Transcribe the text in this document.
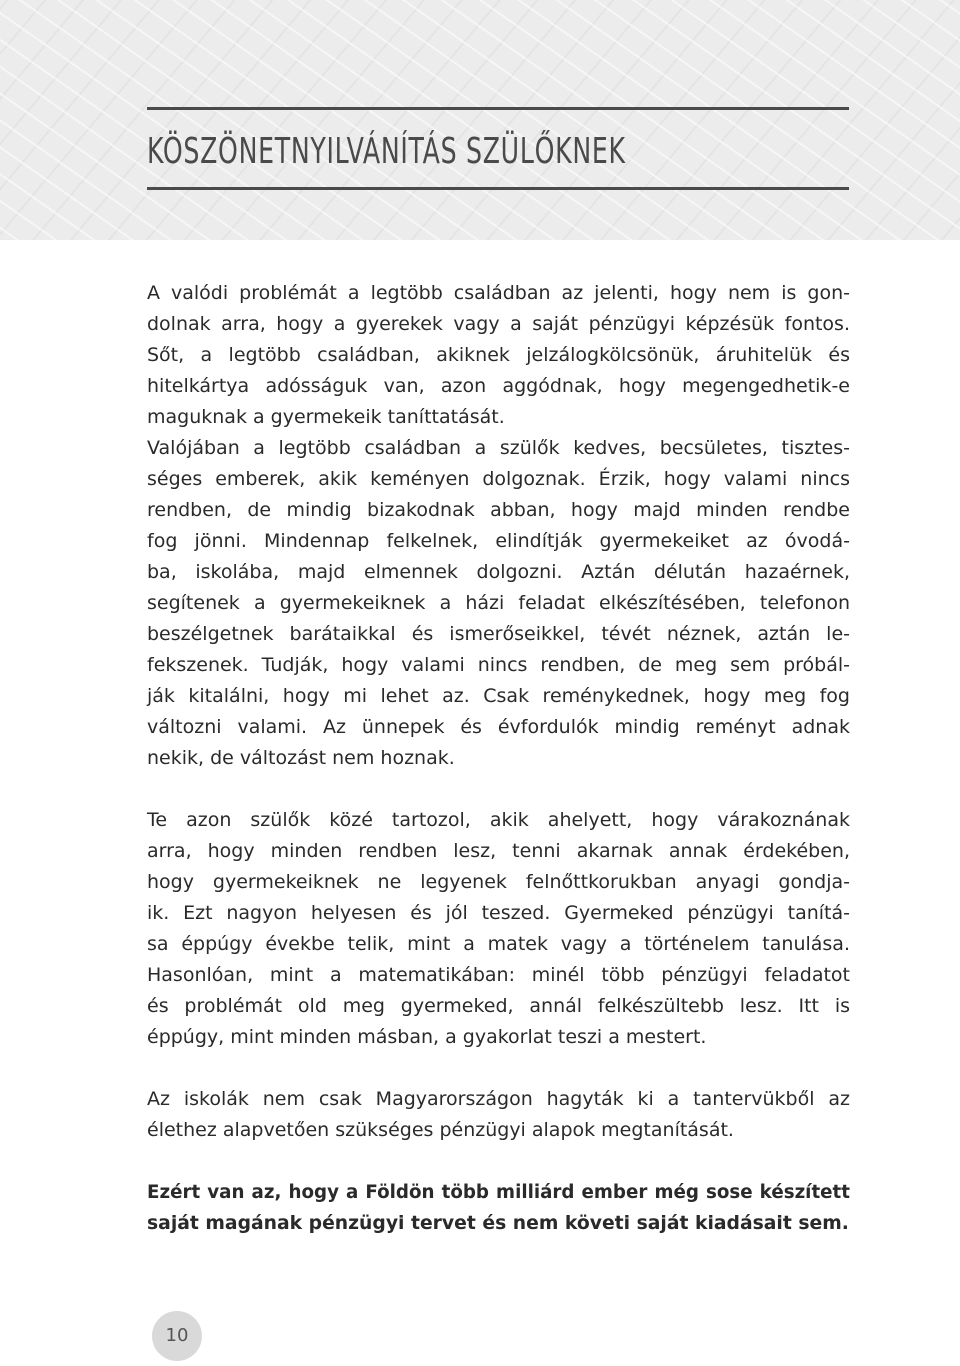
KÖSZÖNETNYILVÁNÍTÁS SZÜLŐKNEK
A valódi problémát a legtöbb családban az jelenti, hogy nem is gon-
dolnak arra, hogy a gyerekek vagy a saját pénzügyi képzésük fontos.
Sőt, a legtöbb családban, akiknek jelzálogkölcsönük, áruhitelük és
hitelkártya adósságuk van, azon aggódnak, hogy megengedhetik-e
maguknak a gyermekeik taníttatását.
Valójában a legtöbb családban a szülők kedves, becsületes, tisztes-
séges emberek, akik keményen dolgoznak. Érzik, hogy valami nincs
rendben, de mindig bizakodnak abban, hogy majd minden rendbe
fog jönni. Mindennap felkelnek, elindítják gyermekeiket az óvodá-
ba, iskolába, majd elmennek dolgozni. Aztán délután hazaérnek,
segítenek a gyermekeiknek a házi feladat elkészítésében, telefonon
beszélgetnek barátaikkal és ismerőseikkel, tévét néznek, aztán le-
fekszenek. Tudják, hogy valami nincs rendben, de meg sem próbál-
ják kitalálni, hogy mi lehet az. Csak reménykednek, hogy meg fog
változni valami. Az ünnepek és évfordulók mindig reményt adnak
nekik, de változást nem hoznak.
Te azon szülők közé tartozol, akik ahelyett, hogy várakoznának
arra, hogy minden rendben lesz, tenni akarnak annak érdekében,
hogy gyermekeiknek ne legyenek felnőttkorukban anyagi gondja-
ik. Ezt nagyon helyesen és jól teszed. Gyermeked pénzügyi tanítá-
sa éppúgy évekbe telik, mint a matek vagy a történelem tanulása.
Hasonlóan, mint a matematikában: minél több pénzügyi feladatot
és problémát old meg gyermeked, annál felkészültebb lesz. Itt is
éppúgy, mint minden másban, a gyakorlat teszi a mestert.
Az iskolák nem csak Magyarországon hagyták ki a tantervükből az
élethez alapvetően szükséges pénzügyi alapok megtanítását.
Ezért van az, hogy a Földön több milliárd ember még sose készített
saját magának pénzügyi tervet és nem követi saját kiadásait sem.
10
